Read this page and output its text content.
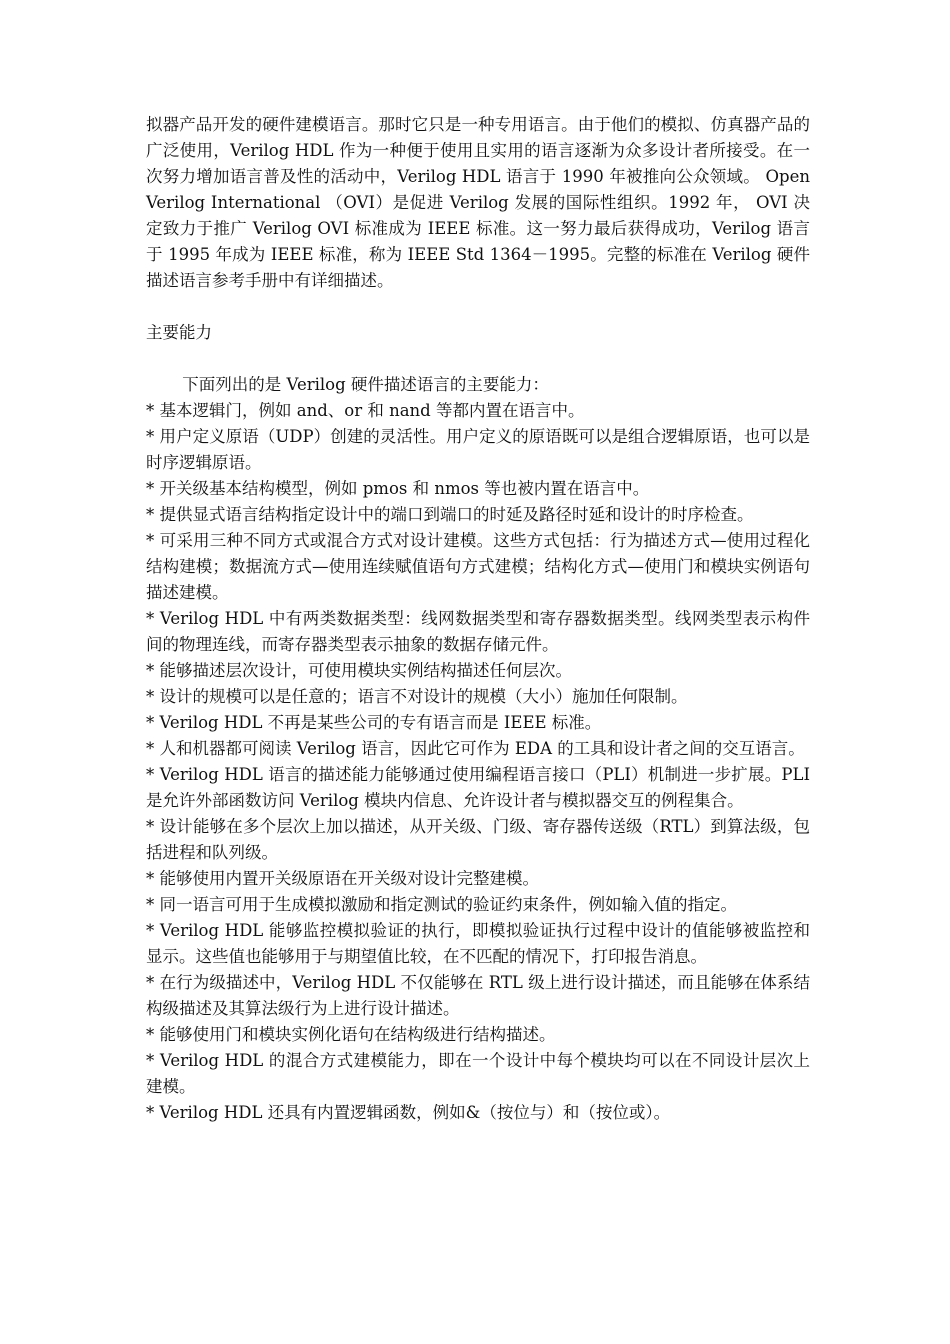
拟器产品开发的硬件建模语言。那时它只是一种专用语言。由于他们的模拟、仿真器产品的广泛使用，Verilog HDL 作为一种便于使用且实用的语言逐渐为众多设计者所接受。在一次努力增加语言普及性的活动中，Verilog HDL 语言于 1990 年被推向公众领域。 Open Verilog International （OVI）是促进 Verilog 发展的国际性组织。1992 年， OVI 决定致力于推广 Verilog OVI 标准成为 IEEE 标准。这一努力最后获得成功，Verilog 语言于 1995 年成为 IEEE 标准，称为 IEEE Std 1364－1995。完整的标准在 Verilog 硬件描述语言参考手册中有详细描述。

主要能力

下面列出的是 Verilog 硬件描述语言的主要能力：

* 基本逻辑门，例如 and、or 和 nand 等都内置在语言中。

* 用户定义原语（UDP）创建的灵活性。用户定义的原语既可以是组合逻辑原语，也可以是时序逻辑原语。

* 开关级基本结构模型，例如 pmos 和 nmos 等也被内置在语言中。

* 提供显式语言结构指定设计中的端口到端口的时延及路径时延和设计的时序检查。

* 可采用三种不同方式或混合方式对设计建模。这些方式包括：行为描述方式—使用过程化结构建模；数据流方式—使用连续赋值语句方式建模；结构化方式—使用门和模块实例语句描述建模。

* Verilog HDL 中有两类数据类型：线网数据类型和寄存器数据类型。线网类型表示构件间的物理连线，而寄存器类型表示抽象的数据存储元件。

* 能够描述层次设计，可使用模块实例结构描述任何层次。

* 设计的规模可以是任意的；语言不对设计的规模（大小）施加任何限制。

* Verilog HDL 不再是某些公司的专有语言而是 IEEE 标准。

* 人和机器都可阅读 Verilog 语言，因此它可作为 EDA 的工具和设计者之间的交互语言。

* Verilog HDL 语言的描述能力能够通过使用编程语言接口（PLI）机制进一步扩展。PLI 是允许外部函数访问 Verilog 模块内信息、允许设计者与模拟器交互的例程集合。

* 设计能够在多个层次上加以描述，从开关级、门级、寄存器传送级（RTL）到算法级，包括进程和队列级。

* 能够使用内置开关级原语在开关级对设计完整建模。

* 同一语言可用于生成模拟激励和指定测试的验证约束条件，例如输入值的指定。

* Verilog HDL 能够监控模拟验证的执行，即模拟验证执行过程中设计的值能够被监控和显示。这些值也能够用于与期望值比较，在不匹配的情况下，打印报告消息。

* 在行为级描述中，Verilog HDL 不仅能够在 RTL 级上进行设计描述，而且能够在体系结构级描述及其算法级行为上进行设计描述。

* 能够使用门和模块实例化语句在结构级进行结构描述。

* Verilog HDL 的混合方式建模能力，即在一个设计中每个模块均可以在不同设计层次上建模。

* Verilog HDL 还具有内置逻辑函数，例如&（按位与）和（按位或）。
